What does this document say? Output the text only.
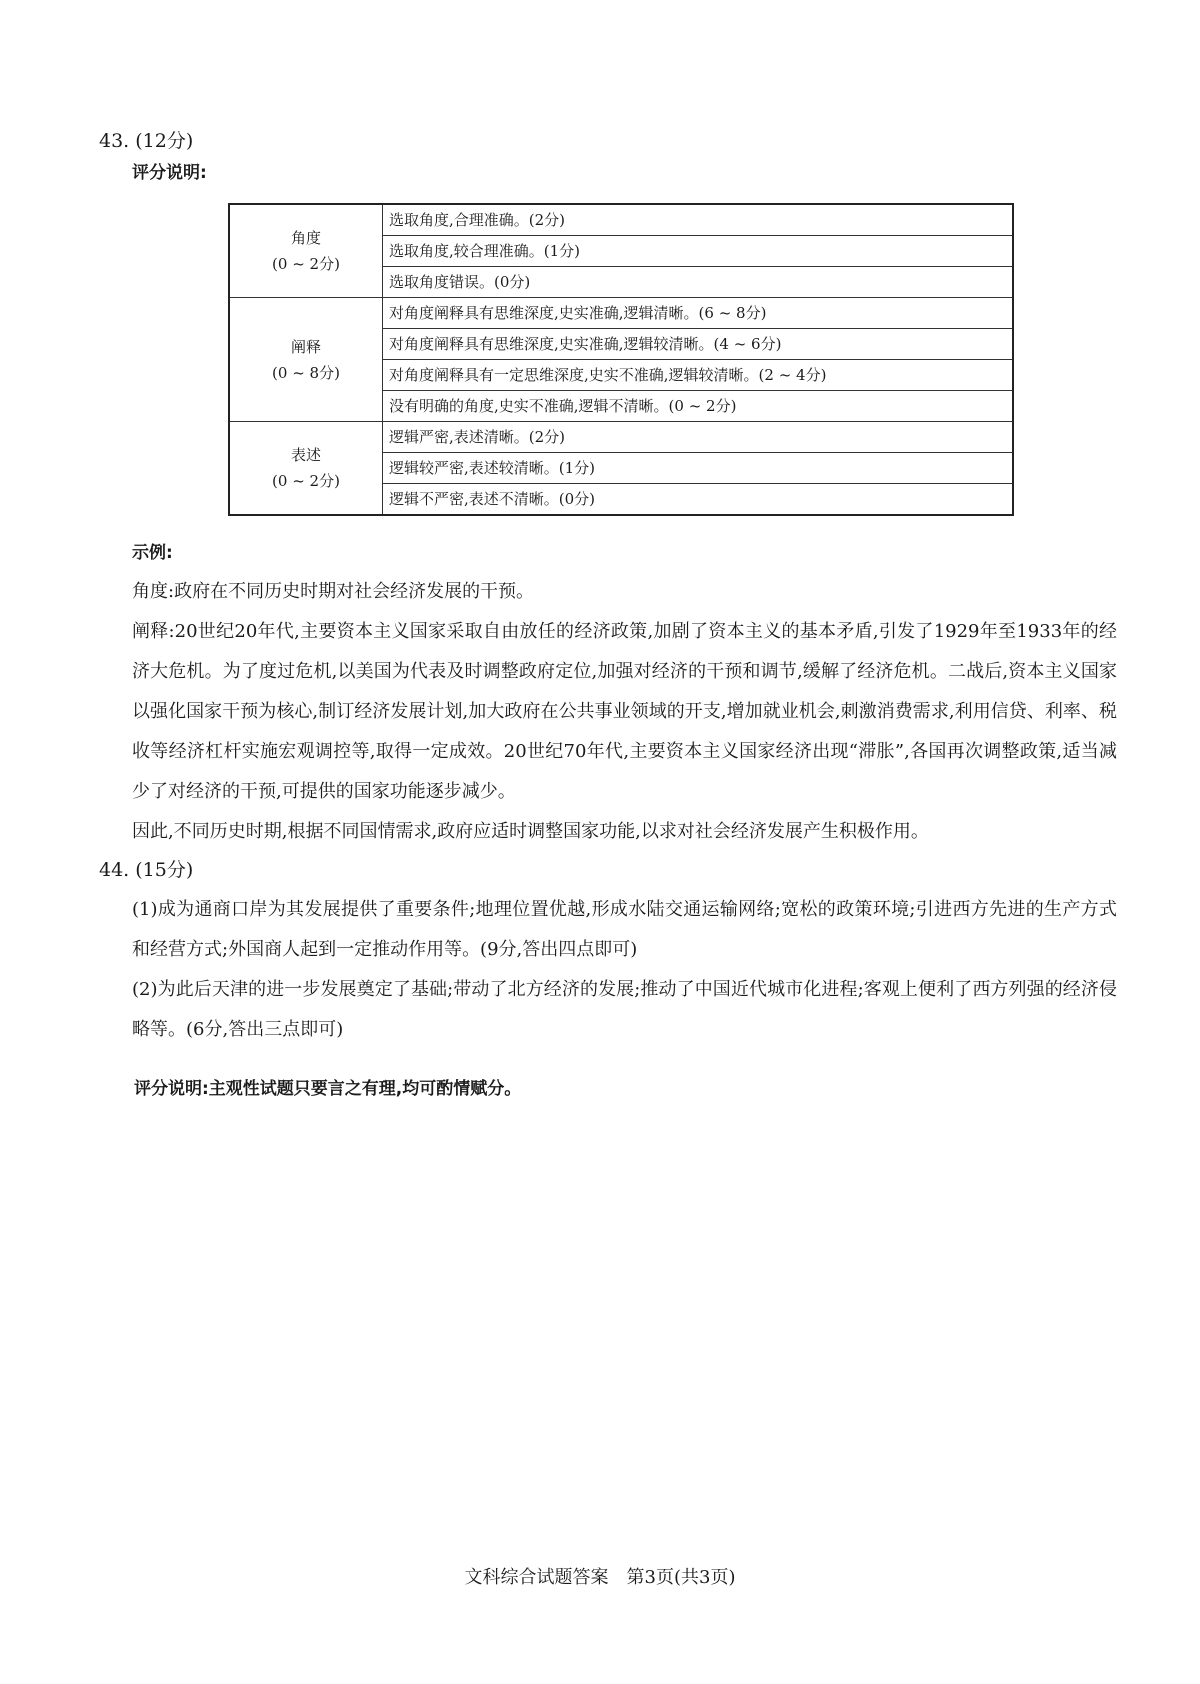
43. (12分)
评分说明:
角度
(0 ~ 2分)	选取角度,合理准确。(2分)
	选取角度,较合理准确。(1分)
	选取角度错误。(0分)

阐释
(0 ~ 8分)	对角度阐释具有思维深度,史实准确,逻辑清晰。(6 ~ 8分)
	对角度阐释具有思维深度,史实准确,逻辑较清晰。(4 ~ 6分)
	对角度阐释具有一定思维深度,史实不准确,逻辑较清晰。(2 ~ 4分)
	没有明确的角度,史实不准确,逻辑不清晰。(0 ~ 2分)

表述
(0 ~ 2分)	逻辑严密,表述清晰。(2分)
	逻辑较严密,表述较清晰。(1分)
	逻辑不严密,表述不清晰。(0分)
示例:
角度:政府在不同历史时期对社会经济发展的干预。
阐释:20世纪20年代,主要资本主义国家采取自由放任的经济政策,加剧了资本主义的基本矛盾,引发了1929年至1933年的经济大危机。为了度过危机,以美国为代表及时调整政府定位,加强对经济的干预和调节,缓解了经济危机。二战后,资本主义国家以强化国家干预为核心,制订经济发展计划,加大政府在公共事业领域的开支,增加就业机会,刺激消费需求,利用信贷、利率、税收等经济杠杆实施宏观调控等,取得一定成效。20世纪70年代,主要资本主义国家经济出现“滞胀”,各国再次调整政策,适当减少了对经济的干预,可提供的国家功能逐步减少。
因此,不同历史时期,根据不同国情需求,政府应适时调整国家功能,以求对社会经济发展产生积极作用。
44. (15分)
(1)成为通商口岸为其发展提供了重要条件;地理位置优越,形成水陆交通运输网络;宽松的政策环境;引进西方先进的生产方式和经营方式;外国商人起到一定推动作用等。(9分,答出四点即可)
(2)为此后天津的进一步发展奠定了基础;带动了北方经济的发展;推动了中国近代城市化进程;客观上便利了西方列强的经济侵略等。(6分,答出三点即可)
评分说明:主观性试题只要言之有理,均可酌情赋分。
文科综合试题答案　第3页(共3页)
